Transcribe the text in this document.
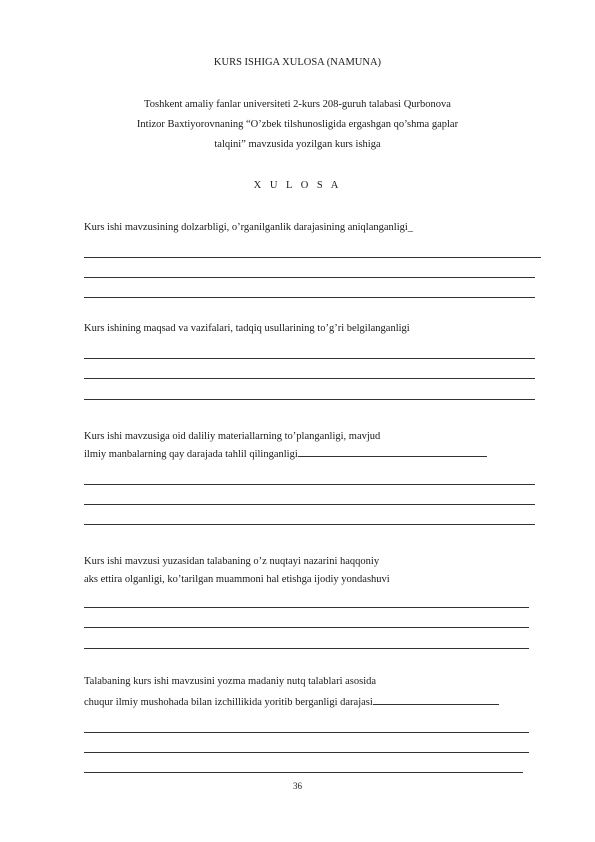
KURS ISHIGA XULOSA (NAMUNA)
Toshkent amaliy fanlar universiteti 2-kurs 208-guruh talabasi Qurbonova
Intizor Baxtiyorovnaning “O’zbek tilshunosligida ergashgan qo’shma gaplar
talqini” mavzusida yozilgan kurs ishiga
X U L O S A
Kurs ishi mavzusining dolzarbligi, o’rganilganlik darajasining aniqlanganligi_
Kurs ishining maqsad va vazifalari, tadqiq usullarining to’g’ri belgilanganligi
Kurs ishi mavzusiga oid daliliy materiallarning to’planganligi, mavjud
ilmiy manbalarning qay darajada tahlil qilinganligi
Kurs ishi mavzusi yuzasidan talabaning o’z nuqtayi nazarini haqqoniy
aks ettira olganligi, ko’tarilgan muammoni hal etishga ijodiy yondashuvi
Talabaning kurs ishi mavzusini yozma madaniy nutq talablari asosida
chuqur ilmiy mushohada bilan izchillikida yoritib berganligi darajasi
36
